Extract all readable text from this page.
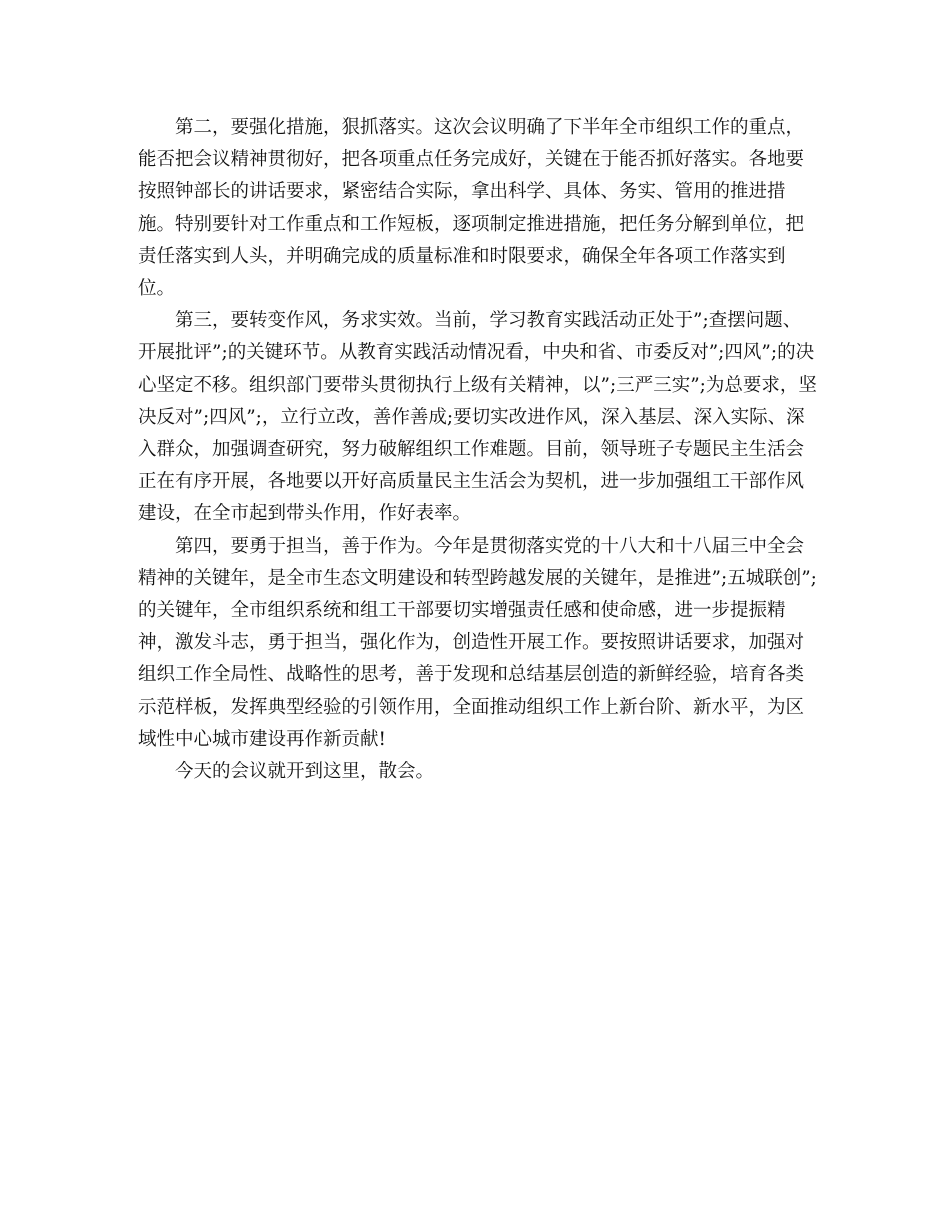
第二，要强化措施，狠抓落实。这次会议明确了下半年全市组织工作的重点，能否把会议精神贯彻好，把各项重点任务完成好，关键在于能否抓好落实。各地要按照钟部长的讲话要求，紧密结合实际，拿出科学、具体、务实、管用的推进措施。特别要针对工作重点和工作短板，逐项制定推进措施，把任务分解到单位，把责任落实到人头，并明确完成的质量标准和时限要求，确保全年各项工作落实到位。

第三，要转变作风，务求实效。当前，学习教育实践活动正处于”;查摆问题、开展批评”;的关键环节。从教育实践活动情况看，中央和省、市委反对”;四风”;的决心坚定不移。组织部门要带头贯彻执行上级有关精神，以”;三严三实”;为总要求，坚决反对”;四风”;，立行立改，善作善成;要切实改进作风，深入基层、深入实际、深入群众，加强调查研究，努力破解组织工作难题。目前，领导班子专题民主生活会正在有序开展，各地要以开好高质量民主生活会为契机，进一步加强组工干部作风建设，在全市起到带头作用，作好表率。

第四，要勇于担当，善于作为。今年是贯彻落实党的十八大和十八届三中全会精神的关键年，是全市生态文明建设和转型跨越发展的关键年，是推进”;五城联创”;的关键年，全市组织系统和组工干部要切实增强责任感和使命感，进一步提振精神，激发斗志，勇于担当，强化作为，创造性开展工作。要按照讲话要求，加强对组织工作全局性、战略性的思考，善于发现和总结基层创造的新鲜经验，培育各类示范样板，发挥典型经验的引领作用，全面推动组织工作上新台阶、新水平，为区域性中心城市建设再作新贡献!

今天的会议就开到这里，散会。
